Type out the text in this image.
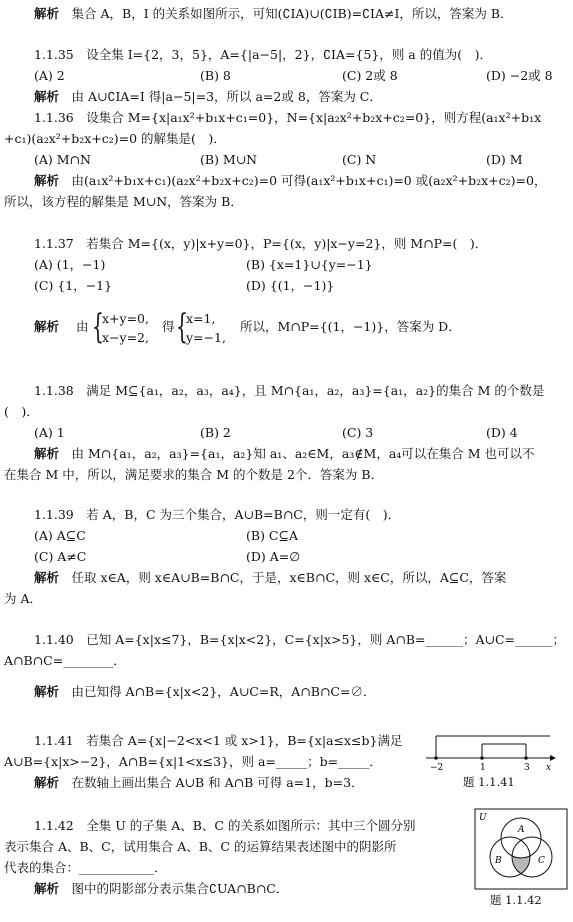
解析　 集合 A，B，I 的关系如图所示，可知(∁IA)∪(∁IB)=∁IA≠I，所以，答案为 B．
1.1.35　设全集 I={2，3，5}，A={|a−5|，2}，∁IA={5}，则 a 的值为(　)．
(A) 2	(B) 8	(C) 2或 8	(D) −2或 8
解析　 由 A∪∁IA=I 得|a−5|=3，所以 a=2或 8，答案为 C．
1.1.36　设集合 M={x|a₁x²+b₁x+c₁=0}，N={x|a₂x²+b₂x+c₂=0}，则方程(a₁x²+b₁x
+c₁)(a₂x²+b₂x+c₂)=0 的解集是(　)．
(A) M∩N	(B) M∪N	(C) N	(D) M
解析　 由(a₁x²+b₁x+c₁)(a₂x²+b₂x+c₂)=0 可得(a₁x²+b₁x+c₁)=0 或(a₂x²+b₂x+c₂)=0，
所以，该方程的解集是 M∪N，答案为 B．
1.1.37　若集合 M={(x，y)|x+y=0}，P={(x，y)|x−y=2}，则 M∩P=(　)．
(A) (1，−1)	(B) {x=1}∪{y=−1}
(C) {1，−1}	(D) {(1，−1)}
解析 由 {
x+y=0,
x−y=2,
得 {
x=1,
y=−1,
所以，M∩P={(1，−1)}，答案为 D．
1.1.38　满足 M⊆{a₁，a₂，a₃，a₄}，且 M∩{a₁，a₂，a₃}={a₁，a₂}的集合 M 的个数是
(　)．
(A) 1	(B) 2	(C) 3	(D) 4
解析　 由 M∩{a₁，a₂，a₃}={a₁，a₂}知 a₁、a₂∈M，a₃∉M，a₄可以在集合 M 也可以不
在集合 M 中，所以，满足要求的集合 M 的个数是 2个．答案为 B．
1.1.39　若 A，B，C 为三个集合，A∪B=B∩C，则一定有(　)．
(A) A⊆C	(B) C⊆A
(C) A≠C	(D) A=∅
解析　 任取 x∈A，则 x∈A∪B=B∩C，于是，x∈B∩C，则 x∈C，所以，A⊆C，答案
为 A．
1.1.40　已知 A={x|x≤7}，B={x|x<2}，C={x|x>5}，则 A∩B=______；A∪C=______；
A∩B∩C=________．
解析　 由已知得 A∩B={x|x<2}，A∪C=R，A∩B∩C=∅．
1.1.41　若集合 A={x|−2<x<1 或 x>1}，B={x|a≤x≤b}满足
A∪B={x|x>−2}，A∩B={x|1<x≤3}，则 a=_____；b=_____．
解析　 在数轴上画出集合 A∪B 和 A∩B 可得 a=1，b=3．
−2	1	3 x
题 1.1.41
1.1.42　全集 U 的子集 A、B、C 的关系如图所示：其中三个圆分别
表示集合 A、B、C，试用集合 A、B、C 的运算结果表述图中的阴影所
代表的集合：____________．
解析　 图中的阴影部分表示集合∁UA∩B∩C．
U
A
B	C
题 1.1.42
